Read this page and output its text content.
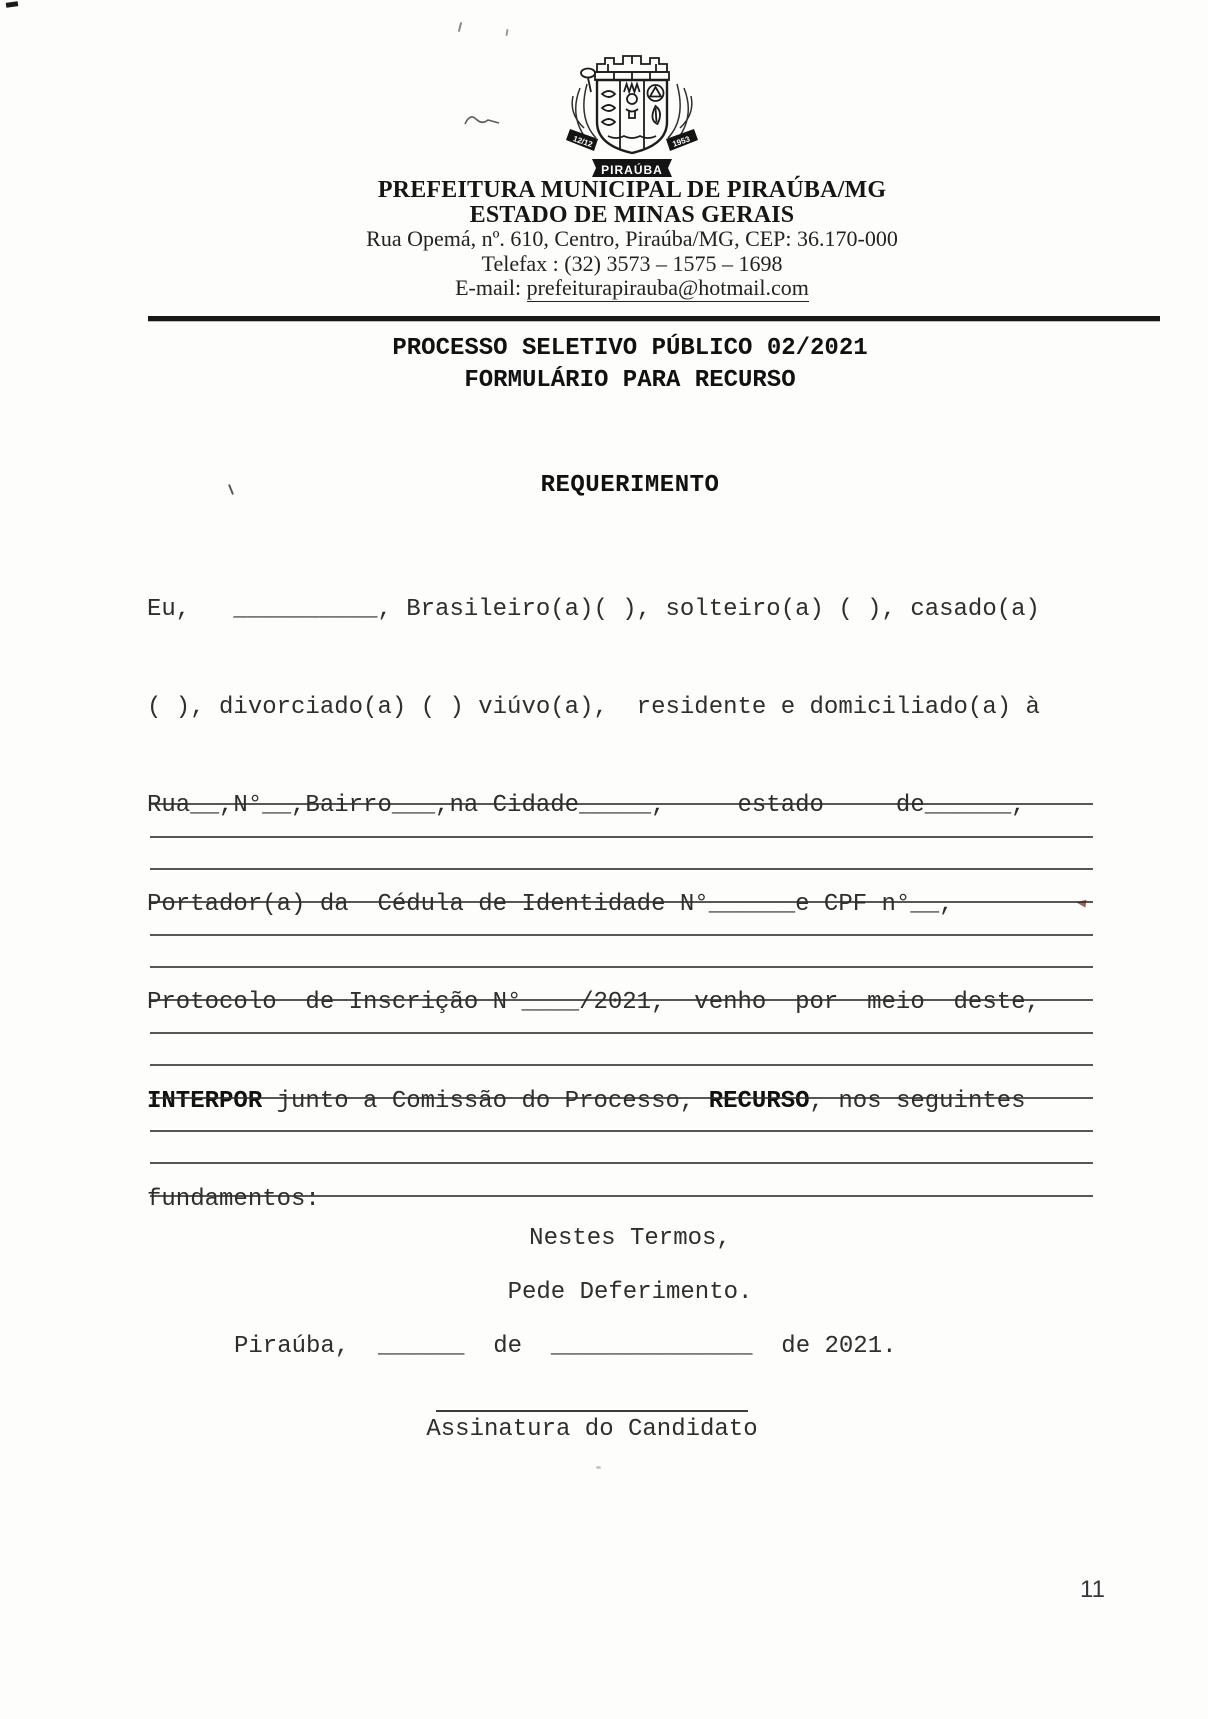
12/12	1953
PIRAÚBA
PREFEITURA MUNICIPAL DE PIRAÚBA/MG
ESTADO DE MINAS GERAIS
Rua Opemá, nº. 610, Centro, Piraúba/MG, CEP: 36.170-000
Telefax : (32) 3573 – 1575 – 1698
E-mail: prefeiturapirauba@hotmail.com
PROCESSO SELETIVO PÚBLICO 02/2021
FORMULÁRIO PARA RECURSO
REQUERIMENTO

Eu,   __________, Brasileiro(a)( ), solteiro(a) ( ), casado(a)

( ), divorciado(a) ( ) viúvo(a),  residente e domiciliado(a) à

Rua__,N°__,Bairro___,na Cidade_____,     estado     de______,

Portador(a) da  Cédula de Identidade N°______e CPF n°__,

Protocolo  de Inscrição N°____/2021,  venho  por  meio  deste,

INTERPOR junto a Comissão do Processo, RECURSO, nos seguintes

fundamentos:

Nestes Termos,
Pede Deferimento.
Piraúba,  ______  de  ______________  de 2021.
Assinatura do Candidato
11
